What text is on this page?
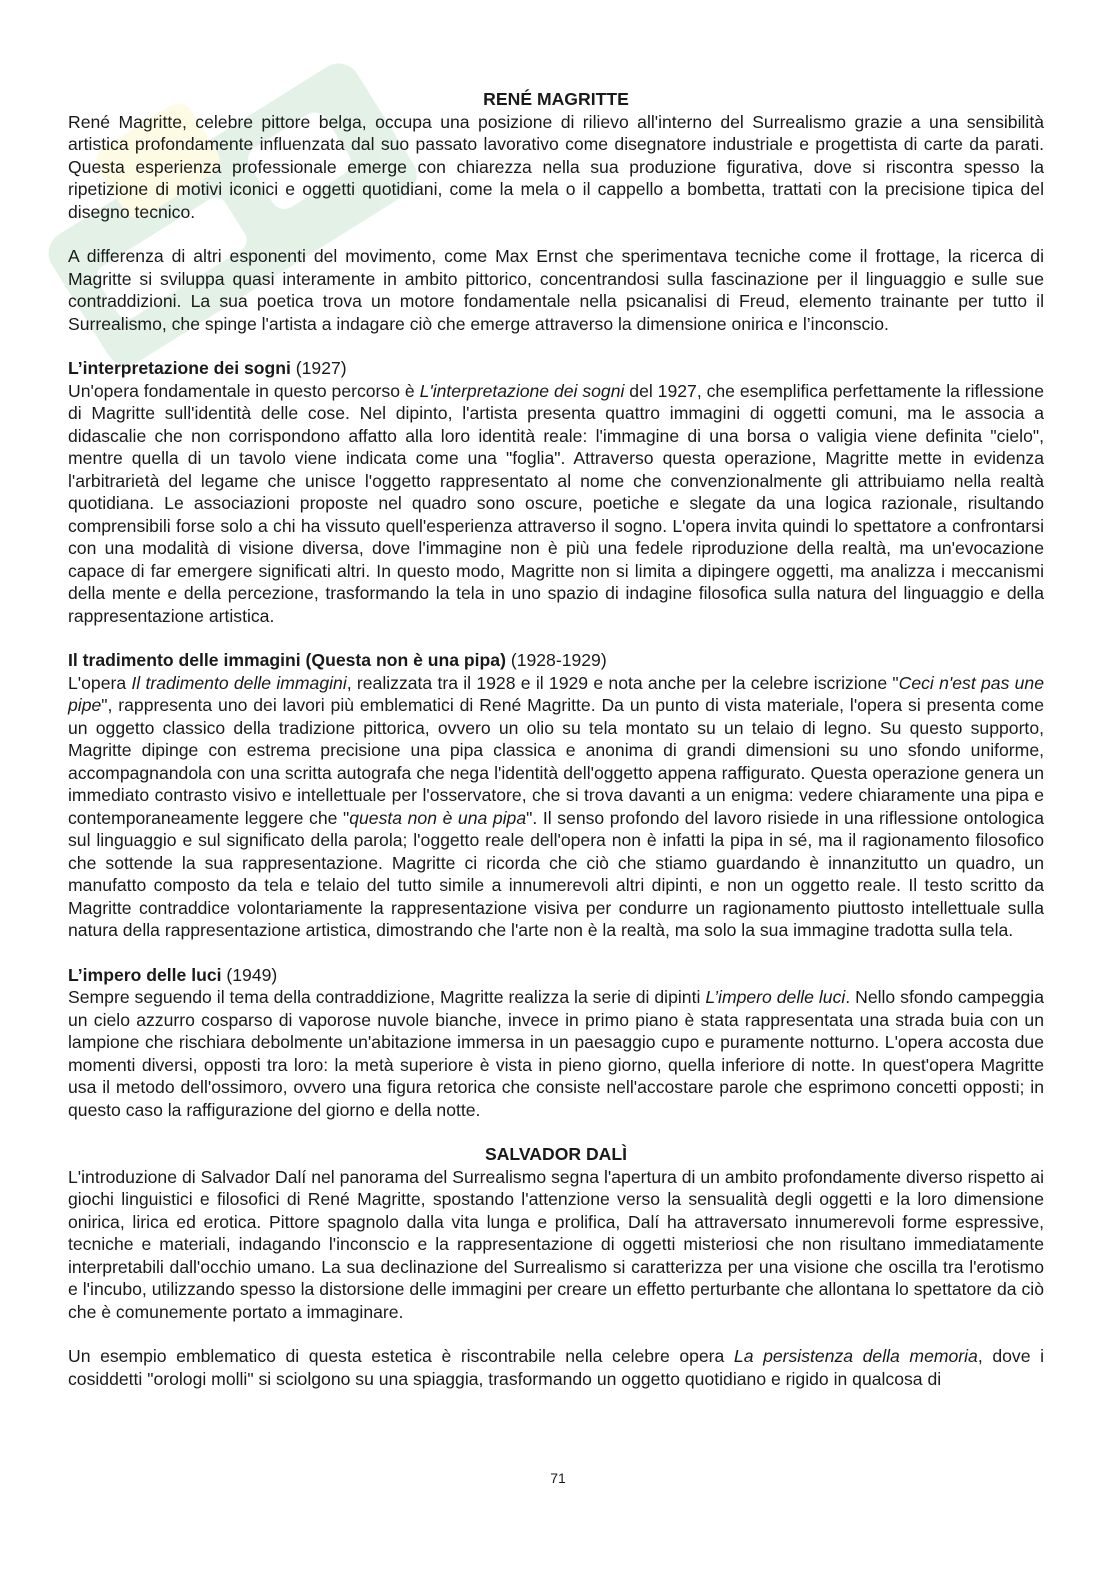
RENÉ MAGRITTE

René Magritte, celebre pittore belga, occupa una posizione di rilievo all'interno del Surrealismo grazie a una sensibilità artistica profondamente influenzata dal suo passato lavorativo come disegnatore industriale e progettista di carte da parati. Questa esperienza professionale emerge con chiarezza nella sua produzione figurativa, dove si riscontra spesso la ripetizione di motivi iconici e oggetti quotidiani, come la mela o il cappello a bombetta, trattati con la precisione tipica del disegno tecnico.

A differenza di altri esponenti del movimento, come Max Ernst che sperimentava tecniche come il frottage, la ricerca di Magritte si sviluppa quasi interamente in ambito pittorico, concentrandosi sulla fascinazione per il linguaggio e sulle sue contraddizioni. La sua poetica trova un motore fondamentale nella psicanalisi di Freud, elemento trainante per tutto il Surrealismo, che spinge l'artista a indagare ciò che emerge attraverso la dimensione onirica e l’inconscio.

L’interpretazione dei sogni (1927)

Un'opera fondamentale in questo percorso è L'interpretazione dei sogni del 1927, che esemplifica perfettamente la riflessione di Magritte sull'identità delle cose. Nel dipinto, l'artista presenta quattro immagini di oggetti comuni, ma le associa a didascalie che non corrispondono affatto alla loro identità reale: l'immagine di una borsa o valigia viene definita "cielo", mentre quella di un tavolo viene indicata come una "foglia". Attraverso questa operazione, Magritte mette in evidenza l'arbitrarietà del legame che unisce l'oggetto rappresentato al nome che convenzionalmente gli attribuiamo nella realtà quotidiana. Le associazioni proposte nel quadro sono oscure, poetiche e slegate da una logica razionale, risultando comprensibili forse solo a chi ha vissuto quell'esperienza attraverso il sogno. L'opera invita quindi lo spettatore a confrontarsi con una modalità di visione diversa, dove l'immagine non è più una fedele riproduzione della realtà, ma un'evocazione capace di far emergere significati altri. In questo modo, Magritte non si limita a dipingere oggetti, ma analizza i meccanismi della mente e della percezione, trasformando la tela in uno spazio di indagine filosofica sulla natura del linguaggio e della rappresentazione artistica.

Il tradimento delle immagini (Questa non è una pipa) (1928-1929)

L'opera Il tradimento delle immagini, realizzata tra il 1928 e il 1929 e nota anche per la celebre iscrizione "Ceci n'est pas une pipe", rappresenta uno dei lavori più emblematici di René Magritte. Da un punto di vista materiale, l'opera si presenta come un oggetto classico della tradizione pittorica, ovvero un olio su tela montato su un telaio di legno. Su questo supporto, Magritte dipinge con estrema precisione una pipa classica e anonima di grandi dimensioni su uno sfondo uniforme, accompagnandola con una scritta autografa che nega l'identità dell'oggetto appena raffigurato. Questa operazione genera un immediato contrasto visivo e intellettuale per l'osservatore, che si trova davanti a un enigma: vedere chiaramente una pipa e contemporaneamente leggere che "questa non è una pipa". Il senso profondo del lavoro risiede in una riflessione ontologica sul linguaggio e sul significato della parola; l'oggetto reale dell'opera non è infatti la pipa in sé, ma il ragionamento filosofico che sottende la sua rappresentazione. Magritte ci ricorda che ciò che stiamo guardando è innanzitutto un quadro, un manufatto composto da tela e telaio del tutto simile a innumerevoli altri dipinti, e non un oggetto reale. Il testo scritto da Magritte contraddice volontariamente la rappresentazione visiva per condurre un ragionamento piuttosto intellettuale sulla natura della rappresentazione artistica, dimostrando che l'arte non è la realtà, ma solo la sua immagine tradotta sulla tela.

L’impero delle luci (1949)

Sempre seguendo il tema della contraddizione, Magritte realizza la serie di dipinti L’impero delle luci. Nello sfondo campeggia un cielo azzurro cosparso di vaporose nuvole bianche, invece in primo piano è stata rappresentata una strada buia con un lampione che rischiara debolmente un'abitazione immersa in un paesaggio cupo e puramente notturno. L'opera accosta due momenti diversi, opposti tra loro: la metà superiore è vista in pieno giorno, quella inferiore di notte. In quest'opera Magritte usa il metodo dell'ossimoro, ovvero una figura retorica che consiste nell'accostare parole che esprimono concetti opposti; in questo caso la raffigurazione del giorno e della notte.

SALVADOR DALÌ

L'introduzione di Salvador Dalí nel panorama del Surrealismo segna l'apertura di un ambito profondamente diverso rispetto ai giochi linguistici e filosofici di René Magritte, spostando l'attenzione verso la sensualità degli oggetti e la loro dimensione onirica, lirica ed erotica. Pittore spagnolo dalla vita lunga e prolifica, Dalí ha attraversato innumerevoli forme espressive, tecniche e materiali, indagando l'inconscio e la rappresentazione di oggetti misteriosi che non risultano immediatamente interpretabili dall'occhio umano. La sua declinazione del Surrealismo si caratterizza per una visione che oscilla tra l'erotismo e l'incubo, utilizzando spesso la distorsione delle immagini per creare un effetto perturbante che allontana lo spettatore da ciò che è comunemente portato a immaginare.

Un esempio emblematico di questa estetica è riscontrabile nella celebre opera La persistenza della memoria, dove i cosiddetti "orologi molli" si sciolgono su una spiaggia, trasformando un oggetto quotidiano e rigido in qualcosa di

71
